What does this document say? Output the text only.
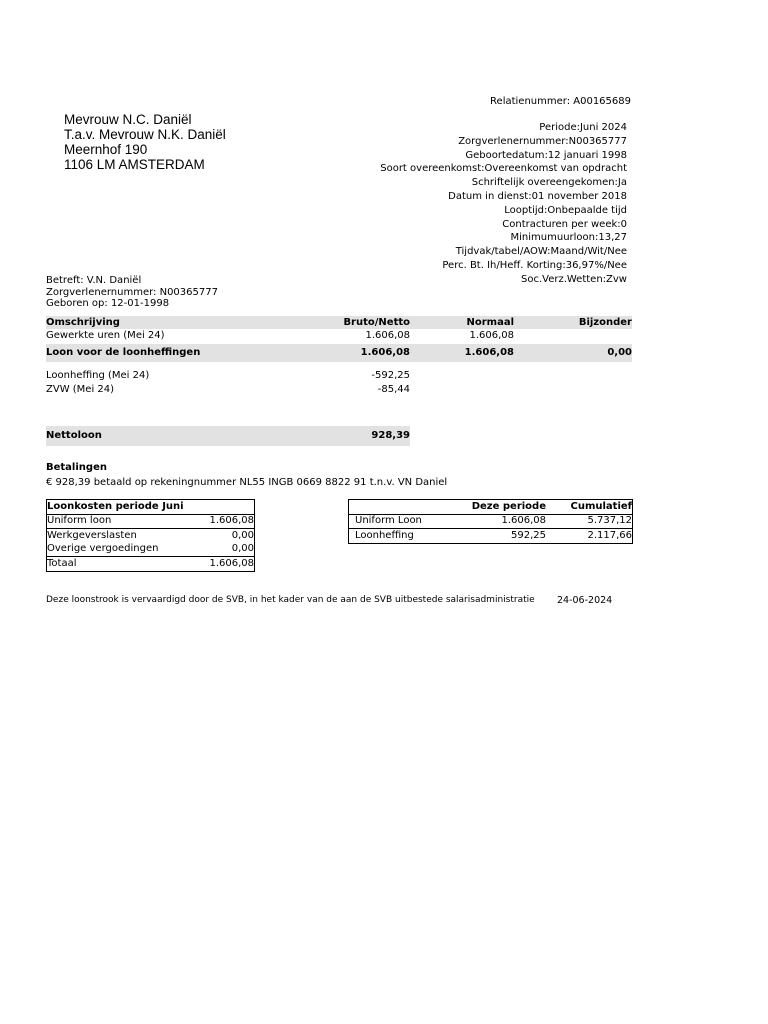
Mevrouw N.C. Daniël
T.a.v. Mevrouw N.K. Daniël
Meernhof 190
1106 LM AMSTERDAM
Relatienummer: A00165689
Periode:Juni 2024
Zorgverlenernummer:N00365777
Geboortedatum:12 januari 1998
Soort overeenkomst:Overeenkomst van opdracht
Schriftelijk overeengekomen:Ja
Datum in dienst:01 november 2018
Looptijd:Onbepaalde tijd
Contracturen per week:0
Minimumuurloon:13,27
Tijdvak/tabel/AOW:Maand/Wit/Nee
Perc. Bt. Ih/Heff. Korting:36,97%/Nee
Soc.Verz.Wetten:Zvw
Betreft: V.N. Daniël
Zorgverlenernummer: N00365777
Geboren op: 12-01-1998
Omschrijving	Bruto/Netto	Normaal	Bijzonder
Gewerkte uren (Mei 24)	1.606,08	1.606,08
Loon voor de loonheffingen	1.606,08	1.606,08	0,00
Loonheffing (Mei 24)	-592,25
ZVW (Mei 24)	-85,44
Nettoloon	928,39
Betalingen
€ 928,39 betaald op rekeningnummer NL55 INGB 0669 8822 91 t.n.v. VN Daniel
Loonkosten periode Juni
Uniform loon	1.606,08
Werkgeverslasten	0,00
Overige vergoedingen	0,00
Totaal	1.606,08
Deze periode Cumulatief
Uniform Loon	1.606,08	5.737,12
Loonheffing	592,25	2.117,66
Deze loonstrook is vervaardigd door de SVB, in het kader van de aan de SVB uitbestede salarisadministratie 24-06-2024
